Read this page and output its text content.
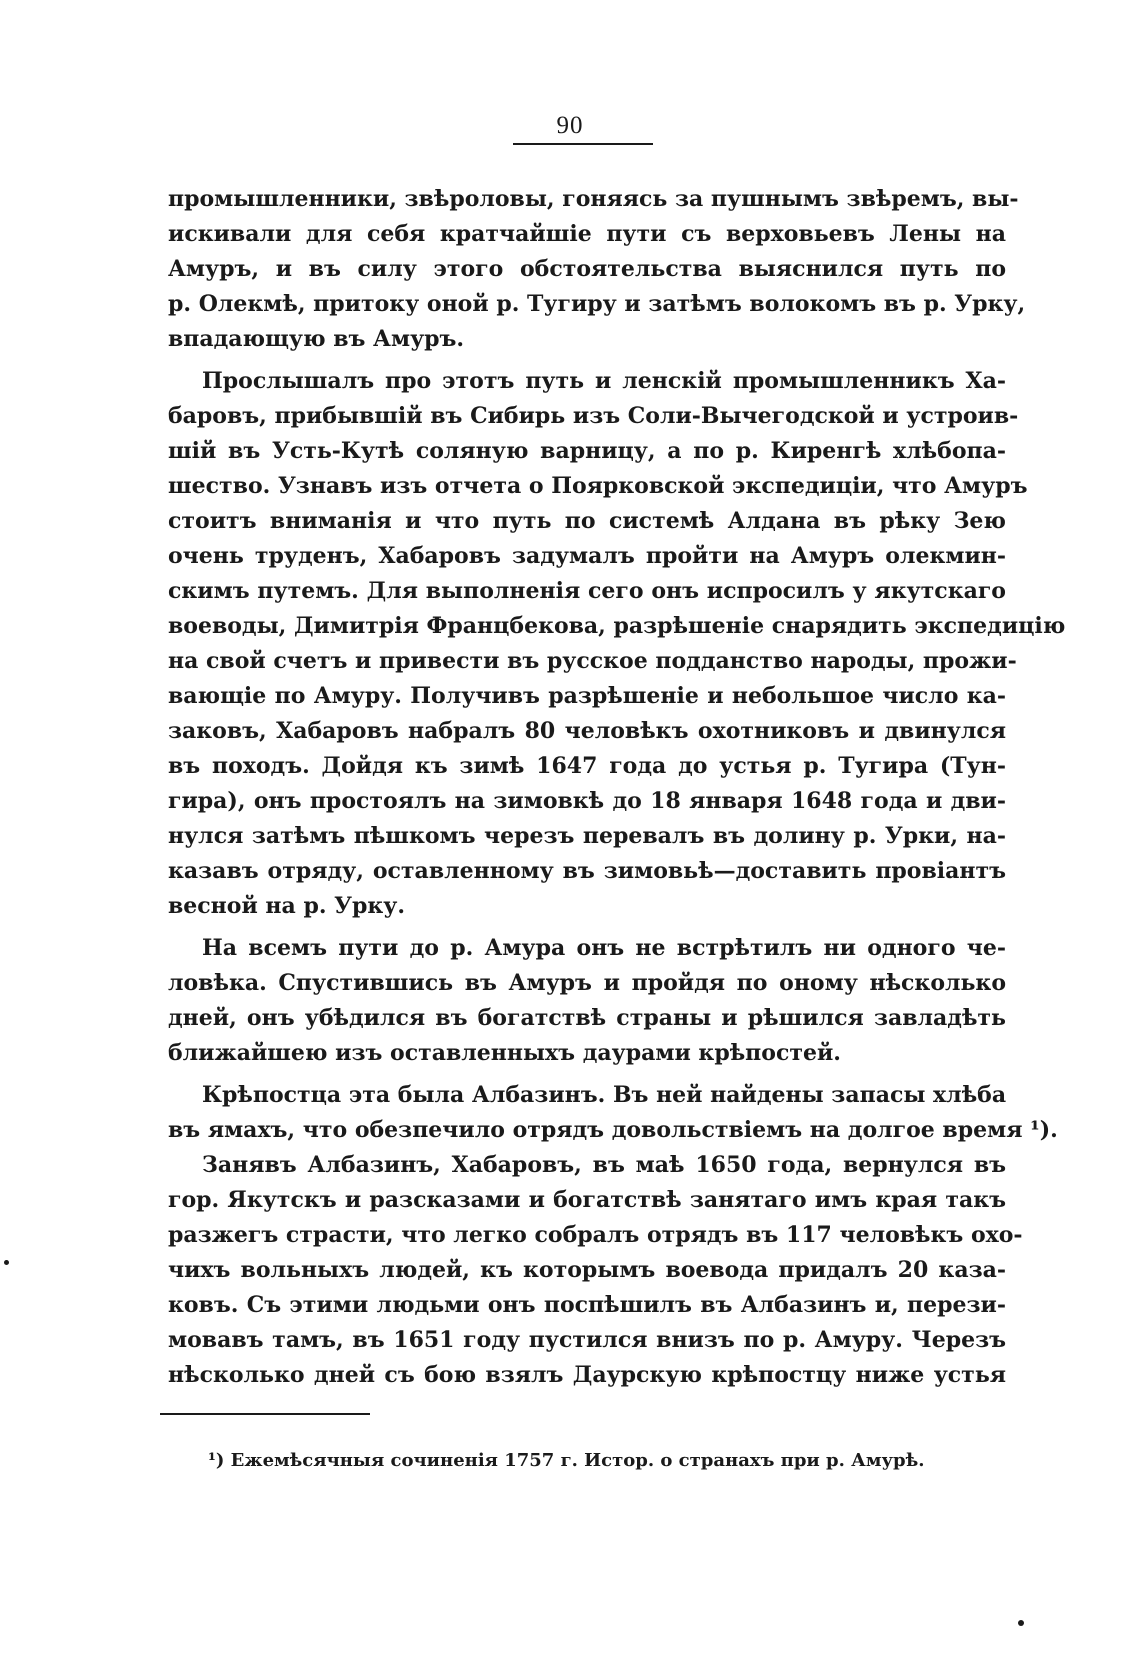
90
промышленники, звѣроловы, гоняясь за пушнымъ звѣремъ, вы-
искивали для себя кратчайшіе пути съ верховьевъ Лены на
Амуръ, и въ силу этого обстоятельства выяснился путь по
р. Олекмѣ, притоку оной р. Тугиру и затѣмъ волокомъ въ р. Урку,
впадающую въ Амуръ.
Прослышалъ про этотъ путь и ленскій промышленникъ Ха-
баровъ, прибывшій въ Сибирь изъ Соли-Вычегодской и устроив-
шій въ Усть-Кутѣ соляную варницу, а по р. Киренгѣ хлѣбопа-
шество. Узнавъ изъ отчета о Поярковской экспедиціи, что Амуръ
стоитъ вниманія и что путь по системѣ Алдана въ рѣку Зею
очень труденъ, Хабаровъ задумалъ пройти на Амуръ олекмин-
скимъ путемъ. Для выполненія сего онъ испросилъ у якутскаго
воеводы, Димитрія Францбекова, разрѣшеніе снарядить экспедицію
на свой счетъ и привести въ русское подданство народы, прожи-
вающіе по Амуру. Получивъ разрѣшеніе и небольшое число ка-
заковъ, Хабаровъ набралъ 80 человѣкъ охотниковъ и двинулся
въ походъ. Дойдя къ зимѣ 1647 года до устья р. Тугира (Тун-
гира), онъ простоялъ на зимовкѣ до 18 января 1648 года и дви-
нулся затѣмъ пѣшкомъ черезъ перевалъ въ долину р. Урки, на-
казавъ отряду, оставленному въ зимовьѣ—доставить провіантъ
весной на р. Урку.
На всемъ пути до р. Амура онъ не встрѣтилъ ни одного че-
ловѣка. Спустившись въ Амуръ и пройдя по оному нѣсколько
дней, онъ убѣдился въ богатствѣ страны и рѣшился завладѣть
ближайшею изъ оставленныхъ даурами крѣпостей.
Крѣпостца эта была Албазинъ. Въ ней найдены запасы хлѣба
въ ямахъ, что обезпечило отрядъ довольствіемъ на долгое время ¹).
Занявъ Албазинъ, Хабаровъ, въ маѣ 1650 года, вернулся въ
гор. Якутскъ и разсказами и богатствѣ занятаго имъ края такъ
разжегъ страсти, что легко собралъ отрядъ въ 117 человѣкъ охо-
чихъ вольныхъ людей, къ которымъ воевода придалъ 20 каза-
ковъ. Съ этими людьми онъ поспѣшилъ въ Албазинъ и, перези-
мовавъ тамъ, въ 1651 году пустился внизъ по р. Амуру. Черезъ
нѣсколько дней съ бою взялъ Даурскую крѣпостцу ниже устья
¹) Ежемѣсячныя сочиненія 1757 г. Истор. о странахъ при р. Амурѣ.
